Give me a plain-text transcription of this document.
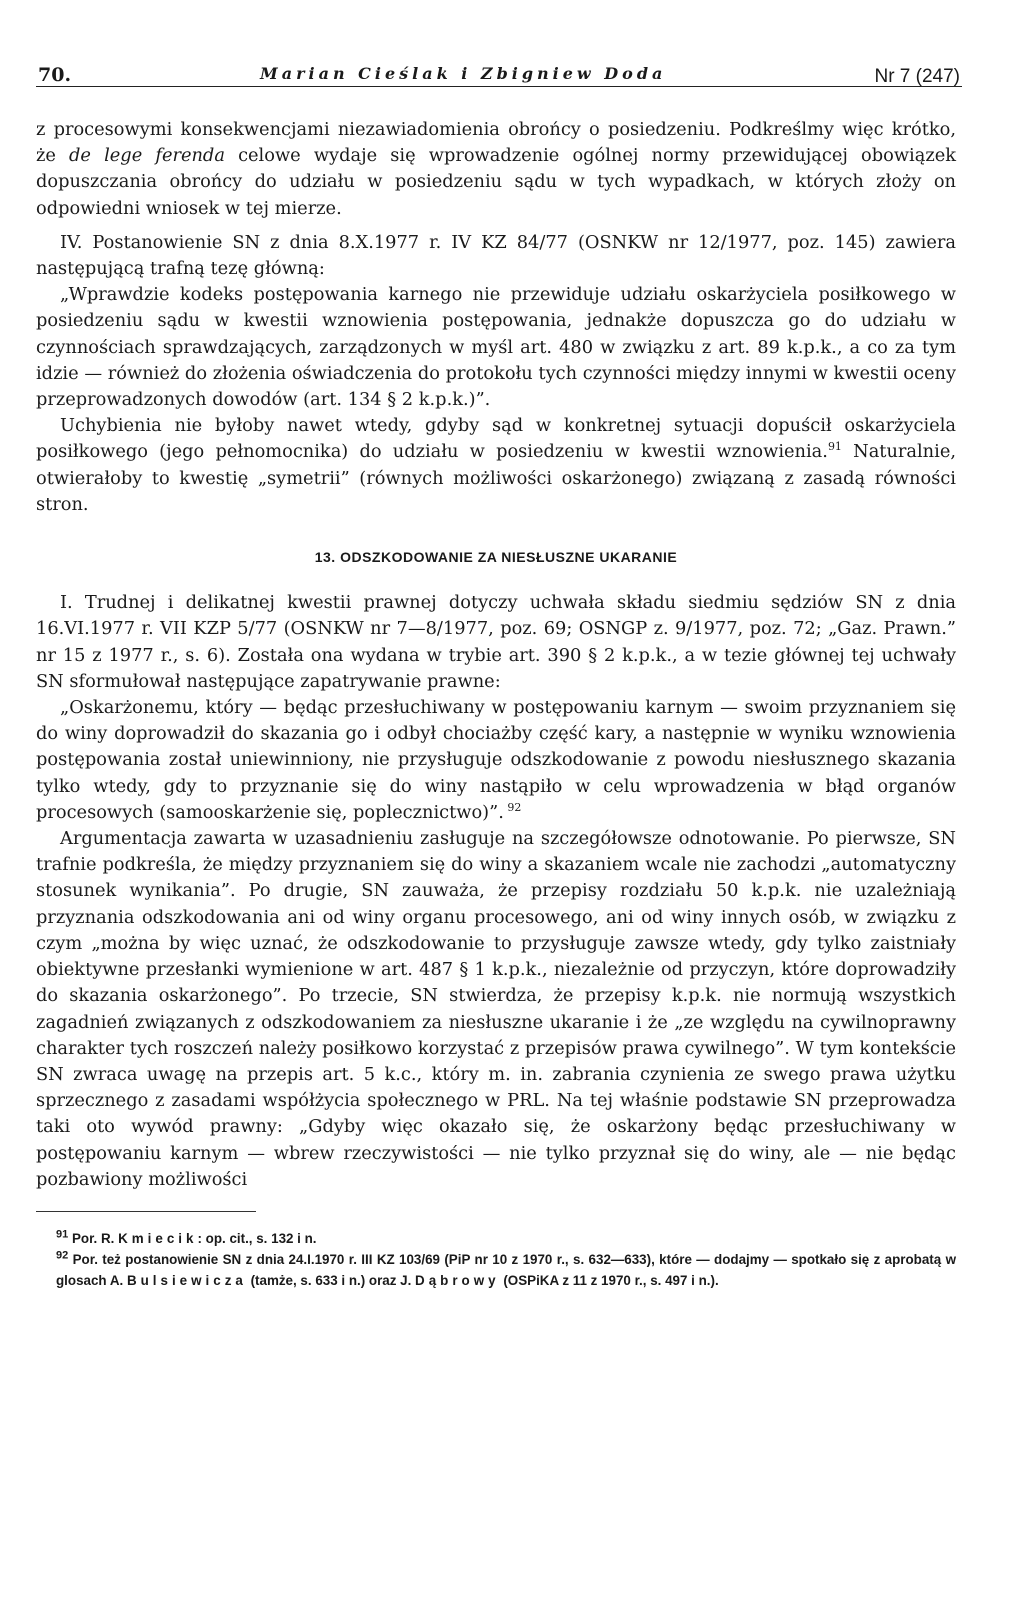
70.	Marian Cieślak i Zbigniew Doda	Nr 7 (247)

z procesowymi konsekwencjami niezawiadomienia obrońcy o posiedzeniu. Podkreślmy więc krótko, że de lege ferenda celowe wydaje się wprowadzenie ogólnej normy przewidującej obowiązek dopuszczania obrońcy do udziału w posiedzeniu sądu w tych wypadkach, w których złoży on odpowiedni wniosek w tej mierze.

IV. Postanowienie SN z dnia 8.X.1977 r. IV KZ 84/77 (OSNKW nr 12/1977, poz. 145) zawiera następującą trafną tezę główną:

„Wprawdzie kodeks postępowania karnego nie przewiduje udziału oskarżyciela posiłkowego w posiedzeniu sądu w kwestii wznowienia postępowania, jednakże dopuszcza go do udziału w czynnościach sprawdzających, zarządzonych w myśl art. 480 w związku z art. 89 k.p.k., a co za tym idzie — również do złożenia oświadczenia do protokołu tych czynności między innymi w kwestii oceny przeprowadzonych dowodów (art. 134 § 2 k.p.k.)”.

Uchybienia nie byłoby nawet wtedy, gdyby sąd w konkretnej sytuacji dopuścił oskarżyciela posiłkowego (jego pełnomocnika) do udziału w posiedzeniu w kwestii wznowienia.$^{91}$ Naturalnie, otwierałoby to kwestię „symetrii” (równych możliwości oskarżonego) związaną z zasadą równości stron.

13. ODSZKODOWANIE ZA NIESŁUSZNE UKARANIE

I. Trudnej i delikatnej kwestii prawnej dotyczy uchwała składu siedmiu sędziów SN z dnia 16.VI.1977 r. VII KZP 5/77 (OSNKW nr 7—8/1977, poz. 69; OSNGP z. 9/1977, poz. 72; „Gaz. Prawn.” nr 15 z 1977 r., s. 6). Została ona wydana w trybie art. 390 § 2 k.p.k., a w tezie głównej tej uchwały SN sformułował następujące zapatrywanie prawne:

„Oskarżonemu, który — będąc przesłuchiwany w postępowaniu karnym — swoim przyznaniem się do winy doprowadził do skazania go i odbył chociażby część kary, a następnie w wyniku wznowienia postępowania został uniewinniony, nie przysługuje odszkodowanie z powodu niesłusznego skazania tylko wtedy, gdy to przyznanie się do winy nastąpiło w celu wprowadzenia w błąd organów procesowych (samooskarżenie się, poplecznictwo)”. $^{92}$

Argumentacja zawarta w uzasadnieniu zasługuje na szczegółowsze odnotowanie. Po pierwsze, SN trafnie podkreśla, że między przyznaniem się do winy a skazaniem wcale nie zachodzi „automatyczny stosunek wynikania”. Po drugie, SN zauważa, że przepisy rozdziału 50 k.p.k. nie uzależniają przyznania odszkodowania ani od winy organu procesowego, ani od winy innych osób, w związku z czym „można by więc uznać, że odszkodowanie to przysługuje zawsze wtedy, gdy tylko zaistniały obiektywne przesłanki wymienione w art. 487 § 1 k.p.k., niezależnie od przyczyn, które doprowadziły do skazania oskarżonego”. Po trzecie, SN stwierdza, że przepisy k.p.k. nie normują wszystkich zagadnień związanych z odszkodowaniem za niesłuszne ukaranie i że „ze względu na cywilnoprawny charakter tych roszczeń należy posiłkowo korzystać z przepisów prawa cywilnego”. W tym kontekście SN zwraca uwagę na przepis art. 5 k.c., który m. in. zabrania czynienia ze swego prawa użytku sprzecznego z zasadami współżycia społecznego w PRL. Na tej właśnie podstawie SN przeprowadza taki oto wywód prawny: „Gdyby więc okazało się, że oskarżony będąc przesłuchiwany w postępowaniu karnym — wbrew rzeczywistości — nie tylko przyznał się do winy, ale — nie będąc pozbawiony możliwości

$^{91}$ Por. R. Kmiecik: op. cit., s. 132 i n.

$^{92}$ Por. też postanowienie SN z dnia 24.I.1970 r. III KZ 103/69 (PiP nr 10 z 1970 r., s. 632—633), które — dodajmy — spotkało się z aprobatą w glosach A. Bulsiewicza (tamże, s. 633 i n.) oraz J. Dąbrowy (OSPiKA z 11 z 1970 r., s. 497 i n.).
